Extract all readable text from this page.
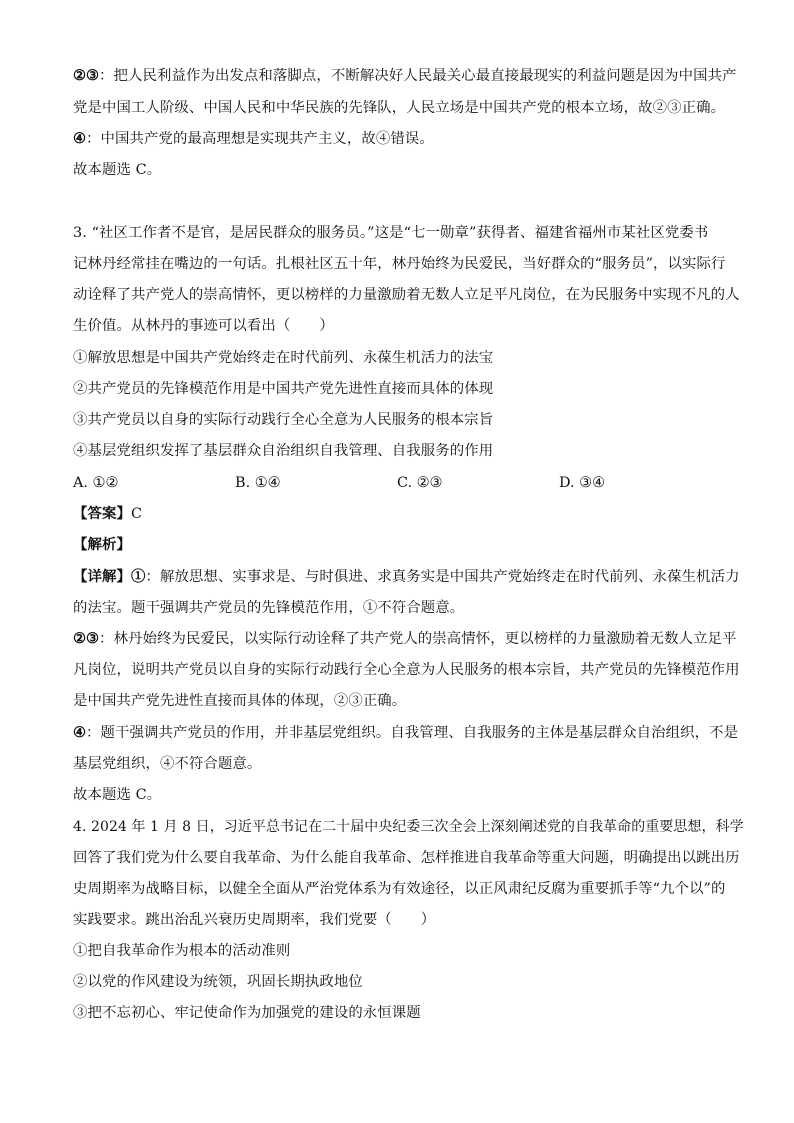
②③：把人民利益作为出发点和落脚点，不断解决好人民最关心最直接最现实的利益问题是因为中国共产
党是中国工人阶级、中国人民和中华民族的先锋队，人民立场是中国共产党的根本立场，故②③正确。
④：中国共产党的最高理想是实现共产主义，故④错误。
故本题选 C。
3. “社区工作者不是官，是居民群众的服务员。”这是“七一勋章”获得者、福建省福州市某社区党委书
记林丹经常挂在嘴边的一句话。扎根社区五十年，林丹始终为民爱民，当好群众的“服务员”，以实际行
动诠释了共产党人的崇高情怀，更以榜样的力量激励着无数人立足平凡岗位，在为民服务中实现不凡的人
生价值。从林丹的事迹可以看出（　　）
①解放思想是中国共产党始终走在时代前列、永葆生机活力的法宝
②共产党员的先锋模范作用是中国共产党先进性直接而具体的体现
③共产党员以自身的实际行动践行全心全意为人民服务的根本宗旨
④基层党组织发挥了基层群众自治组织自我管理、自我服务的作用
A. ①②	B. ①④	C. ②③	D. ③④
【答案】C
【解析】
【详解】①：解放思想、实事求是、与时俱进、求真务实是中国共产党始终走在时代前列、永葆生机活力
的法宝。题干强调共产党员的先锋模范作用，①不符合题意。
②③：林丹始终为民爱民，以实际行动诠释了共产党人的崇高情怀，更以榜样的力量激励着无数人立足平
凡岗位，说明共产党员以自身的实际行动践行全心全意为人民服务的根本宗旨，共产党员的先锋模范作用
是中国共产党先进性直接而具体的体现，②③正确。
④：题干强调共产党员的作用，并非基层党组织。自我管理、自我服务的主体是基层群众自治组织，不是
基层党组织，④不符合题意。
故本题选 C。
4. 2024 年 1 月 8 日，习近平总书记在二十届中央纪委三次全会上深刻阐述党的自我革命的重要思想，科学
回答了我们党为什么要自我革命、为什么能自我革命、怎样推进自我革命等重大问题，明确提出以跳出历
史周期率为战略目标，以健全全面从严治党体系为有效途径，以正风肃纪反腐为重要抓手等“九个以”的
实践要求。跳出治乱兴衰历史周期率，我们党要（　　）
①把自我革命作为根本的活动准则
②以党的作风建设为统领，巩固长期执政地位
③把不忘初心、牢记使命作为加强党的建设的永恒课题
